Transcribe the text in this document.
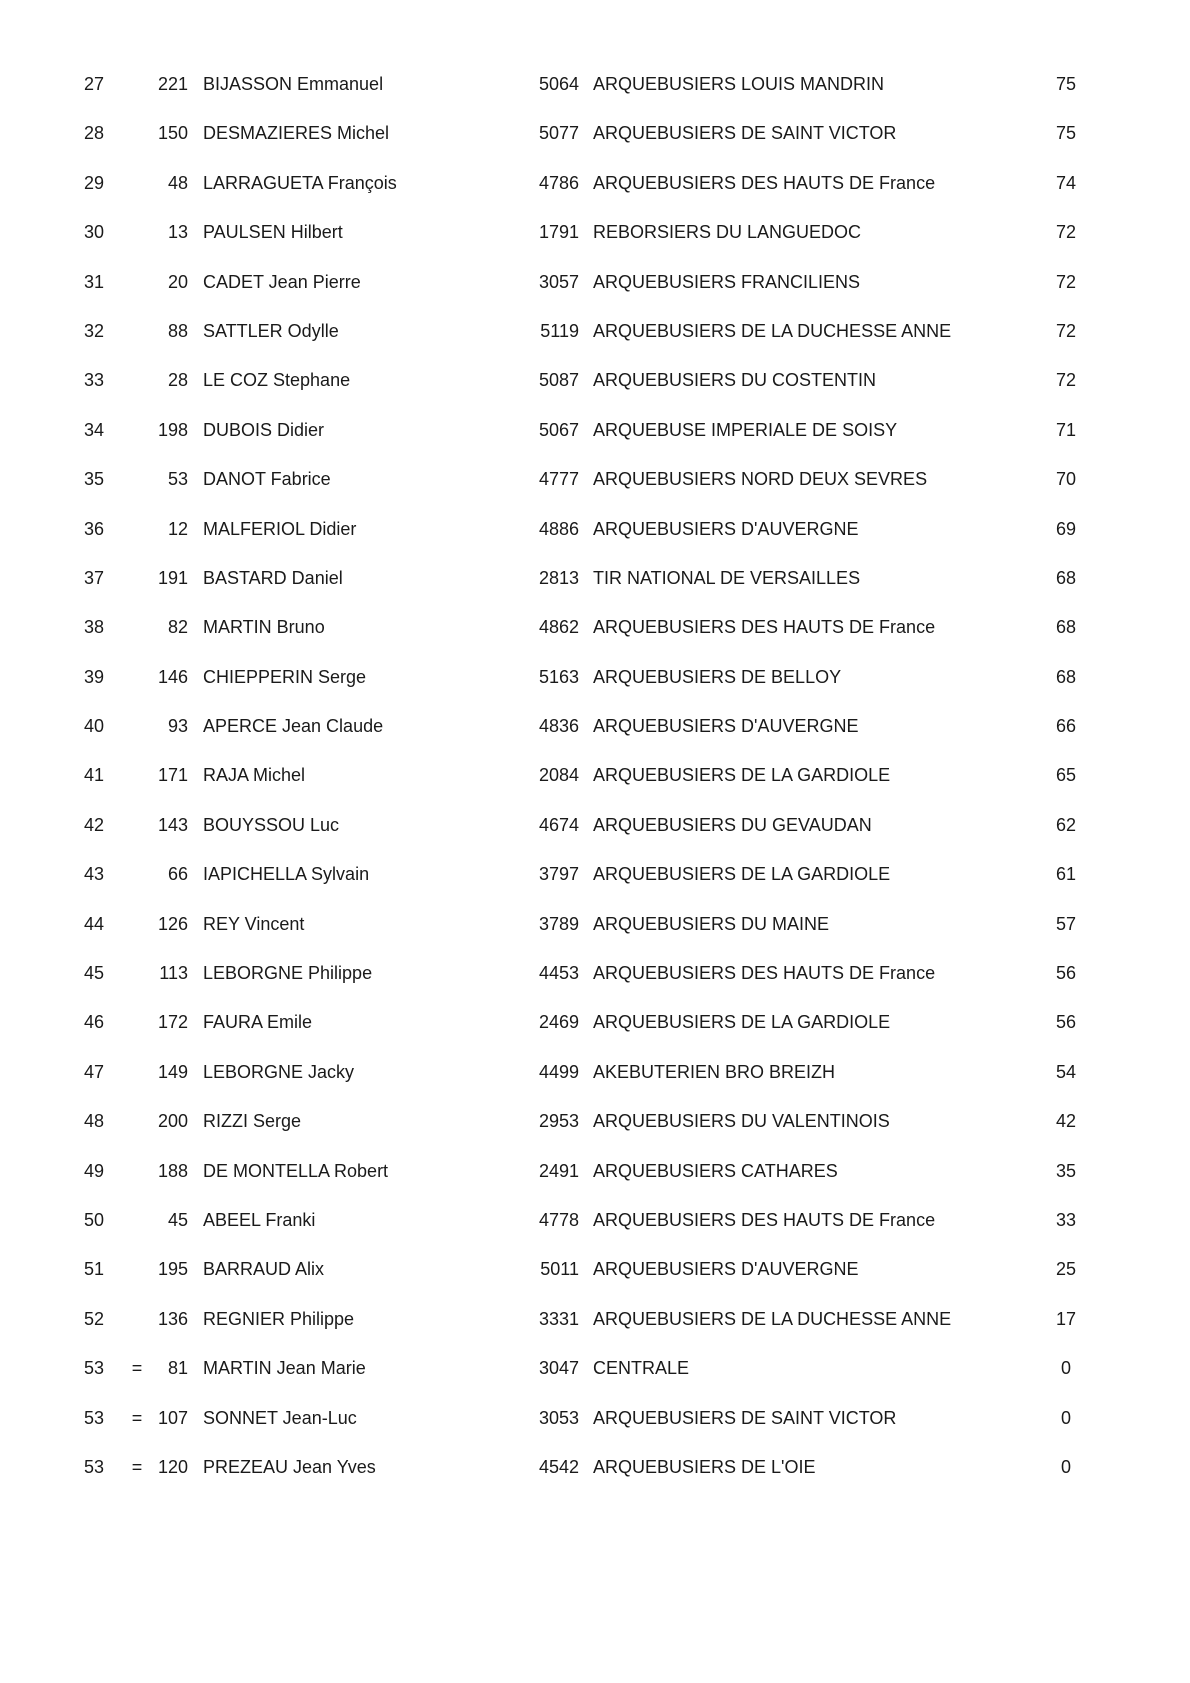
27	221 BIJASSON Emmanuel	5064 ARQUEBUSIERS LOUIS MANDRIN	75
28	150 DESMAZIERES Michel	5077 ARQUEBUSIERS DE SAINT VICTOR	75
29	48 LARRAGUETA François	4786 ARQUEBUSIERS DES HAUTS DE France	74
30	13 PAULSEN Hilbert	1791 REBORSIERS DU LANGUEDOC	72
31	20 CADET Jean Pierre	3057 ARQUEBUSIERS FRANCILIENS	72
32	88 SATTLER Odylle	5119 ARQUEBUSIERS DE LA DUCHESSE ANNE	72
33	28 LE COZ Stephane	5087 ARQUEBUSIERS DU COSTENTIN	72
34	198 DUBOIS Didier	5067 ARQUEBUSE IMPERIALE DE SOISY	71
35	53 DANOT Fabrice	4777 ARQUEBUSIERS NORD DEUX SEVRES	70
36	12 MALFERIOL Didier	4886 ARQUEBUSIERS D'AUVERGNE	69
37	191 BASTARD Daniel	2813 TIR NATIONAL DE VERSAILLES	68
38	82 MARTIN Bruno	4862 ARQUEBUSIERS DES HAUTS DE France	68
39	146 CHIEPPERIN Serge	5163 ARQUEBUSIERS DE BELLOY	68
40	93 APERCE Jean Claude	4836 ARQUEBUSIERS D'AUVERGNE	66
41	171 RAJA Michel	2084 ARQUEBUSIERS DE LA GARDIOLE	65
42	143 BOUYSSOU Luc	4674 ARQUEBUSIERS DU GEVAUDAN	62
43	66 IAPICHELLA Sylvain	3797 ARQUEBUSIERS DE LA GARDIOLE	61
44	126 REY Vincent	3789 ARQUEBUSIERS DU MAINE	57
45	113 LEBORGNE Philippe	4453 ARQUEBUSIERS DES HAUTS DE France	56
46	172 FAURA Emile	2469 ARQUEBUSIERS DE LA GARDIOLE	56
47	149 LEBORGNE Jacky	4499 AKEBUTERIEN BRO BREIZH	54
48	200 RIZZI Serge	2953 ARQUEBUSIERS DU VALENTINOIS	42
49	188 DE MONTELLA Robert	2491 ARQUEBUSIERS CATHARES	35
50	45 ABEEL Franki	4778 ARQUEBUSIERS DES HAUTS DE France	33
51	195 BARRAUD Alix	5011 ARQUEBUSIERS D'AUVERGNE	25
52	136 REGNIER Philippe	3331 ARQUEBUSIERS DE LA DUCHESSE ANNE	17
53	=	81 MARTIN Jean Marie	3047 CENTRALE	0
53	= 107 SONNET Jean-Luc	3053 ARQUEBUSIERS DE SAINT VICTOR	0
53	= 120 PREZEAU Jean Yves	4542 ARQUEBUSIERS DE L'OIE	0
